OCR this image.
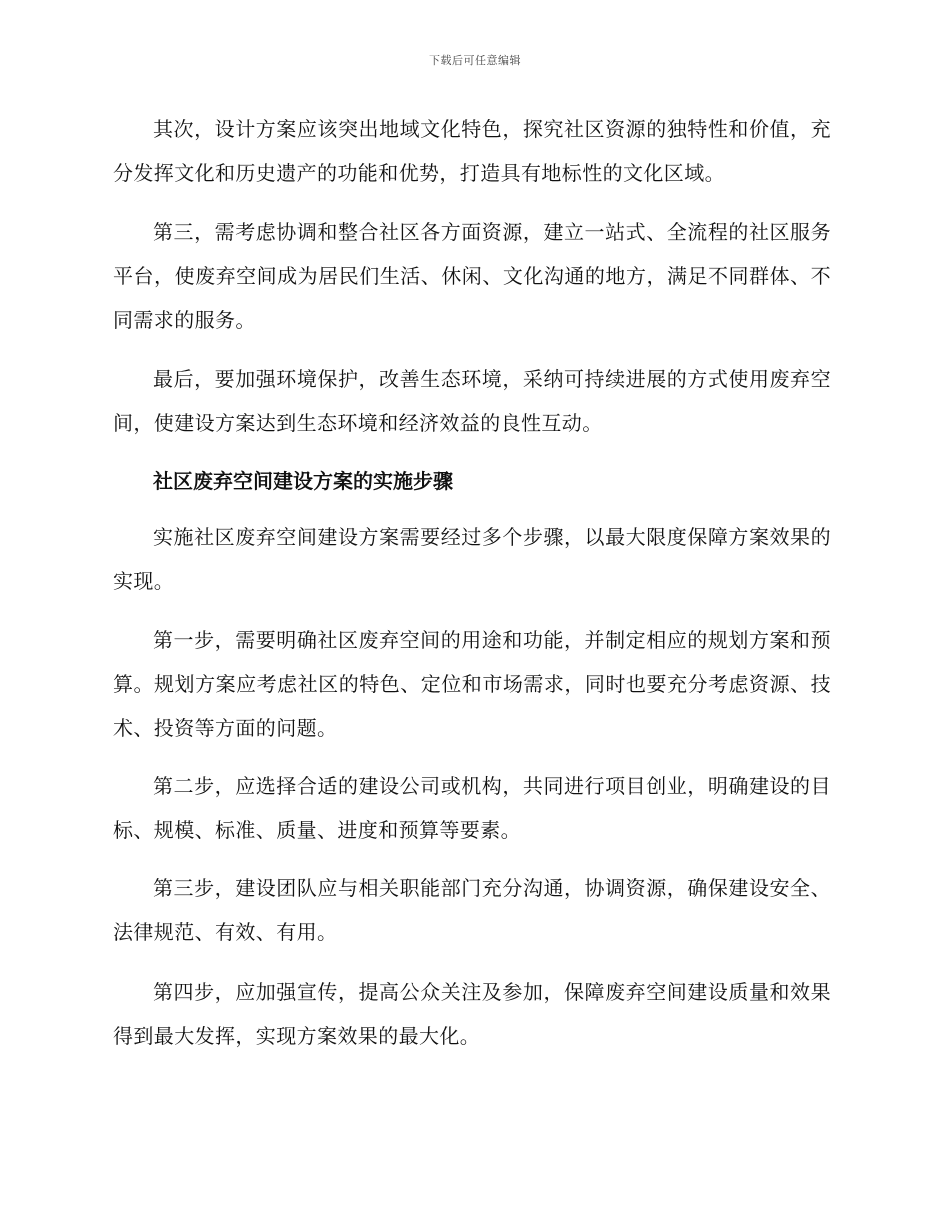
下载后可任意编辑

其次，设计方案应该突出地域文化特色，探究社区资源的独特性和价值，充分发挥文化和历史遗产的功能和优势，打造具有地标性的文化区域。

第三，需考虑协调和整合社区各方面资源，建立一站式、全流程的社区服务平台，使废弃空间成为居民们生活、休闲、文化沟通的地方，满足不同群体、不同需求的服务。

最后，要加强环境保护，改善生态环境，采纳可持续进展的方式使用废弃空间，使建设方案达到生态环境和经济效益的良性互动。

社区废弃空间建设方案的实施步骤

实施社区废弃空间建设方案需要经过多个步骤，以最大限度保障方案效果的实现。

第一步，需要明确社区废弃空间的用途和功能，并制定相应的规划方案和预算。规划方案应考虑社区的特色、定位和市场需求，同时也要充分考虑资源、技术、投资等方面的问题。

第二步，应选择合适的建设公司或机构，共同进行项目创业，明确建设的目标、规模、标准、质量、进度和预算等要素。

第三步，建设团队应与相关职能部门充分沟通，协调资源，确保建设安全、法律规范、有效、有用。

第四步，应加强宣传，提高公众关注及参加，保障废弃空间建设质量和效果得到最大发挥，实现方案效果的最大化。
